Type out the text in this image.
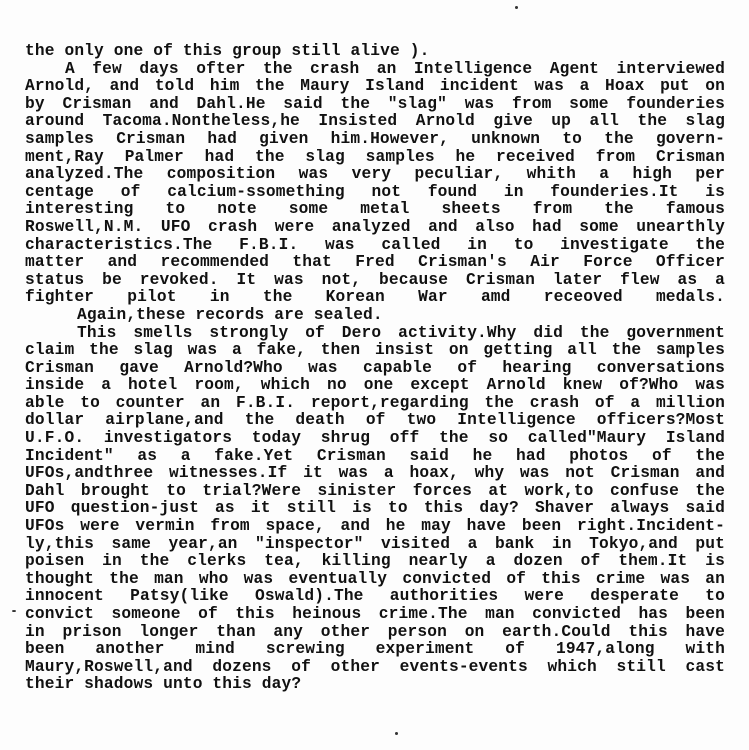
the only one of this group still alive ).
A few days ofter the crash an Intelligence Agent interviewed
Arnold, and told him the Maury Island incident was a Hoax put on
by Crisman and Dahl.He said the "slag" was from some founderies
around Tacoma.Nontheless,he Insisted Arnold give up all the slag
samples Crisman had given him.However, unknown to the govern-
ment,Ray Palmer had the slag samples he received from Crisman
analyzed.The composition was very peculiar, whith a high per
centage of calcium-ssomething not found in founderies.It is
interesting to note some metal sheets from the famous
Roswell,N.M. UFO crash were analyzed and also had some unearthly
characteristics.The F.B.I. was called in to investigate the
matter and recommended that Fred Crisman's Air Force Officer
status be revoked. It was not, because Crisman later flew as a
fighter pilot in the Korean War amd receoved medals.
Again,these records are sealed.
This smells strongly of Dero activity.Why did the government
claim the slag was a fake, then insist on getting all the samples
Crisman gave Arnold?Who was capable of hearing conversations
inside a hotel room, which no one except Arnold knew of?Who was
able to counter an F.B.I. report,regarding the crash of a million
dollar airplane,and the death of two Intelligence officers?Most
U.F.O. investigators today shrug off the so called"Maury Island
Incident" as a fake.Yet Crisman said he had photos of the
UFOs,andthree witnesses.If it was a hoax, why was not Crisman and
Dahl brought to trial?Were sinister forces at work,to confuse the
UFO question-just as it still is to this day? Shaver always said
UFOs were vermin from space, and he may have been right.Incident-
ly,this same year,an "inspector" visited a bank in Tokyo,and put
poisen in the clerks tea, killing nearly a dozen of them.It is
thought the man who was eventually convicted of this crime was an
innocent Patsy(like Oswald).The authorities were desperate to
convict someone of this heinous crime.The man convicted has been
in prison longer than any other person on earth.Could this have
been another mind screwing experiment of 1947,along with
Maury,Roswell,and dozens of other events-events which still cast
their shadows unto this day?
